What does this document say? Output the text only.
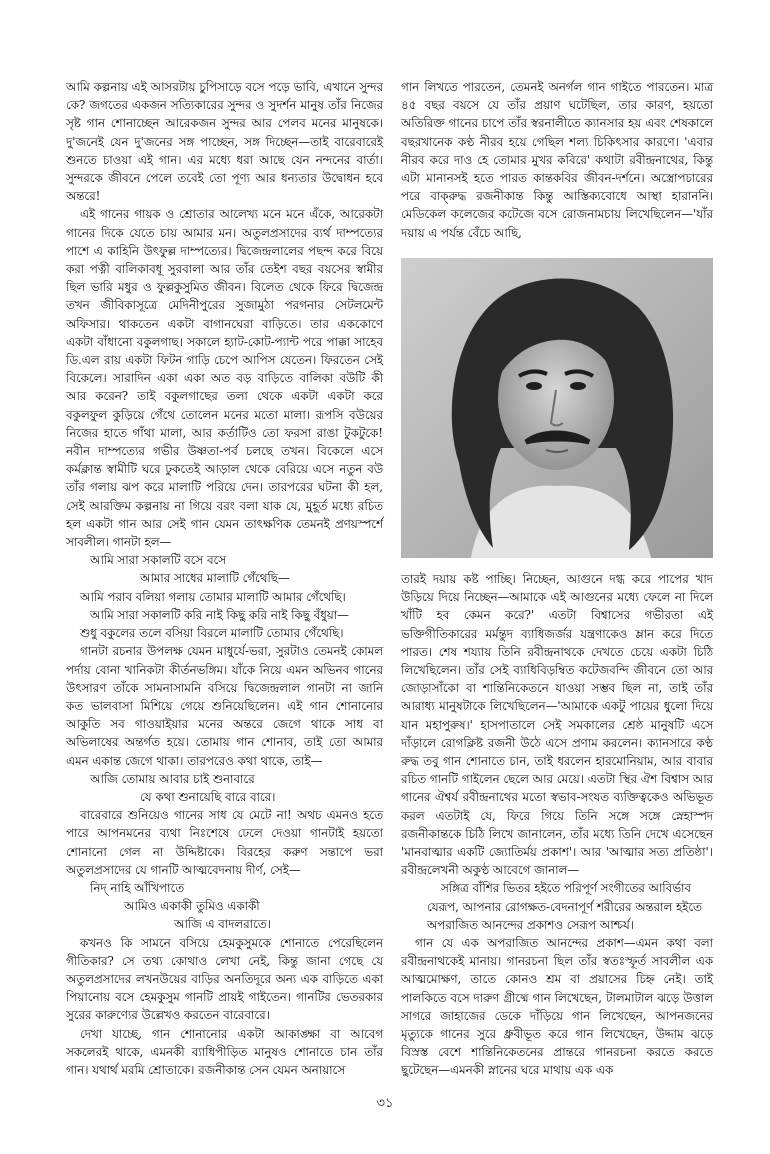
আমি কল্পনায় এই আসরটায় চুপিসাড়ে বসে পড়ে ভাবি, এখানে সুন্দর কে? জগতের একজন সত্যিকারের সুন্দর ও সুদর্শন মানুষ তাঁর নিজের সৃষ্ট গান শোনাচ্ছেন আরেকজন সুন্দর আর পেলব মনের মানুষকে। দু'জনেই যেন দু'জনের সঙ্গ পাচ্ছেন, সঙ্গ দিচ্ছেন—তাই বারেবারেই শুনতে চাওয়া এই গান। এর মধ্যে ধরা আছে যেন নন্দনের বার্তা। সুন্দরকে জীবনে পেলে তবেই তো পূণ্য আর ধন্যতার উদ্বোধন হবে অন্তরে!

এই গানের গায়ক ও শ্রোতার আলেখ্য মনে মনে এঁকে, আরেকটা গানের দিকে যেতে চায় আমার মন। অতুলপ্রসাদের ব্যর্থ দাম্পত্যের পাশে এ কাহিনি উৎফুল্ল দাম্পত্যের। দ্বিজেন্দ্রলালের পছন্দ করে বিয়ে করা পত্নী বালিকাবধূ সুরবালা আর তাঁর তেইশ বছর বয়সের স্বামীর ছিল ভারি মধুর ও ফুল্লকুসুমিত জীবন। বিলেত থেকে ফিরে দ্বিজেন্দ্র তখন জীবিকাসূত্রে মেদিনীপুরের সুজামুঠা পরগনার সেটলমেন্ট অফিসার। থাকতেন একটা বাগানঘেরা বাড়িতে। তার এককোণে একটা বাঁধানো বকুলগাছ। সকালে হ্যাট-কোট-প্যান্ট পরে পাক্কা সাহেব ডি.এল রায় একটা ফিটন গাড়ি চেপে আপিস যেতেন। ফিরতেন সেই বিকেলে। সারাদিন একা একা অত বড় বাড়িতে বালিকা বউটি কী আর করেন? তাই বকুলগাছের তলা থেকে একটা একটা করে বকুলফুল কুড়িয়ে গেঁথে তোলেন মনের মতো মালা। রূপসি বউয়ের নিজের হাতে গাঁথা মালা, আর কর্তাটিও তো ফরসা রাঙা টুকটুকে! নবীন দাম্পত্যের গভীর উষ্ণতা-পর্ব চলছে তখন। বিকেলে এসে কর্মক্লান্ত স্বামীটি ঘরে ঢুকতেই আড়াল থেকে বেরিয়ে এসে নতুন বউ তাঁর গলায় ঝপ করে মালাটি পরিয়ে দেন। তারপরের ঘটনা কী হল, সেই আরক্তিম কল্পনায় না গিয়ে বরং বলা যাক যে, মুহূর্ত মধ্যে রচিত হল একটা গান আর সেই গান যেমন তাৎক্ষণিক তেমনই প্রণয়স্পর্শে সাবলীল। গানটা হল—

আমি সারা সকালটি বসে বসে
আমার সাধের মালাটি গেঁথেছি—
আমি পরাব বলিয়া গলায় তোমার মালাটি আমার গেঁথেছি।
আমি সারা সকালটি করি নাই কিছু করি নাই কিছু বঁধুয়া—
শুধু বকুলের তলে বসিয়া বিরলে মালাটি তোমার গেঁথেছি।

গানটা রচনার উপলক্ষ যেমন মাধুর্যে-ভরা, সুরটাও তেমনই কোমল পর্দায় বোনা খানিকটা কীর্তনভঙ্গিম। যাঁকে নিয়ে এমন অভিনব গানের উৎসারণ তাঁকে সামনাসামনি বসিয়ে দ্বিজেন্দ্রলাল গানটা না জানি কত ভালবাসা মিশিয়ে গেয়ে শুনিয়েছিলেন। এই গান শোনানোর আকুতি সব গাওয়াইয়ার মনের অন্তরে জেগে থাকে সাধ বা অভিলাষের অন্তর্গত হয়ে। তোমায় গান শোনাব, তাই তো আমার এমন একান্ত জেগে থাকা। তারপরেও কথা থাকে, তাই—

আজি তোমায় আবার চাই শুনাবারে
যে কথা শুনায়েছি বারে বারে।

বারেবারে শুনিয়েও গানের সাধ যে মেটে না! অথচ এমনও হতে পারে আপনমনের ব্যথা নিঃশেষে ঢেলে দেওয়া গানটাই হয়তো শোনানো গেল না উদ্দিষ্টাকে। বিরহের করুণ সন্তাপে ভরা অতুলপ্রসাদের যে গানটি আত্মবেদনায় দীর্ণ, সেই—

নিদ্ নাহি আঁখিপাতে
আমিও একাকী তুমিও একাকী
আজি এ বাদলরাতে।

কখনও কি সামনে বসিয়ে হেমকুসুমকে শোনাতে পেরেছিলেন গীতিকার? সে তথ্য কোথাও লেখা নেই, কিন্তু জানা গেছে যে অতুলপ্রসাদের লখনউয়ের বাড়ির অনতিদূরে অন্য এক বাড়িতে একা পিয়ানোয় বসে হেমকুসুম গানটি প্রায়ই গাইতেন। গানটির ভেতরকার সুরের কারুণ্যের উল্লেখও করতেন বারেবারে।

দেখা যাচ্ছে, গান শোনানোর একটা আকাঙ্ক্ষা বা আবেগ সকলেরই থাকে, এমনকী ব্যাধিপীড়িত মানুষও শোনাতে চান তাঁর গান। যথার্থ মরমি শ্রোতাকে। রজনীকান্ত সেন যেমন অনায়াসে

গান লিখতে পারতেন, তেমনই অনর্গল গান গাইতে পারতেন। মাত্র ৪৫ বছর বয়সে যে তাঁর প্রয়াণ ঘটেছিল, তার কারণ, হয়তো অতিরিক্ত গানের চাপে তাঁর স্বরনালীতে ক্যানসার হয় এবং শেষকালে বছরখানেক কণ্ঠ নীরব হয়ে গেছিল শল্য চিকিৎসার কারণে। 'এবার নীরব করে দাও হে তোমার মুখর কবিরে' কথাটা রবীন্দ্রনাথের, কিন্তু এটা মানানসই হতে পারত কান্তকবির জীবন-দর্শনে। অস্ত্রোপচারের পরে বাক্‌রুদ্ধ রজনীকান্ত কিন্তু আস্তিক্যবোধে আস্থা হারাননি। মেডিকেল কলেজের কটেজে বসে রোজনামচায় লিখেছিলেন—'যাঁর দয়ায় এ পর্যন্ত বেঁচে আছি,

তারই দয়ায় কষ্ট পাচ্ছি। নিচ্ছেন, আগুনে দগ্ধ করে পাপের খাদ উড়িয়ে দিয়ে নিচ্ছেন—আমাকে এই আগুনের মধ্যে ফেলে না দিলে খাঁটি হব কেমন করে?' এতটা বিশ্বাসের গভীরতা এই ভক্তিগীতিকারের মর্মন্তুদ ব্যাধিজর্জর যন্ত্রণাকেও ম্লান করে দিতে পারত। শেষ শয্যায় তিনি রবীন্দ্রনাথকে দেখতে চেয়ে একটা চিঠি লিখেছিলেন। তাঁর সেই ব্যাধিবিড়ম্বিত কটেজবন্দি জীবনে তো আর জোড়াসাঁকো বা শান্তিনিকেতনে যাওয়া সম্ভব ছিল না, তাই তাঁর আরাধ্য মানুষটাকে লিখেছিলেন—'আমাকে একটু পায়ের ধুলো দিয়ে যান মহাপুরুষ।' হাসপাতালে সেই সমকালের শ্রেষ্ঠ মানুষটি এসে দাঁড়ালে রোগক্লিষ্ট রজনী উঠে এসে প্রণাম করলেন। ক্যানসারে কণ্ঠ রুদ্ধ তবু গান শোনাতে চান, তাই ধরলেন হারমোনিয়াম, আর বাবার রচিত গানটি গাইলেন ছেলে আর মেয়ে। এতটা স্থির ঐশ বিশ্বাস আর গানের ঐশ্বর্য রবীন্দ্রনাথের মতো স্বভাব-সংযত ব্যক্তিত্বকেও অভিভূত করল এতটাই যে, ফিরে গিয়ে তিনি সঙ্গে সঙ্গে স্নেহাস্পদ রজনীকান্তকে চিঠি লিখে জানালেন, তাঁর মধ্যে তিনি দেখে এসেছেন 'মানবাত্মার একটি জ্যোতির্ময় প্রকাশ'। আর 'আত্মার সত্য প্রতিষ্ঠা'। রবীন্দ্রলেখনী অকুণ্ঠ আবেগে জানাল—

সঙ্গিত্র বাঁশির ভিতর হইতে পরিপূর্ণ সংগীতের আবির্ভাব যেরূপ, আপনার রোগক্ষত-বেদনাপূর্ণ শরীরের অন্তরাল হইতে অপরাজিত আনন্দের প্রকাশও সেরূপ আশ্চর্য।

গান যে এক অপরাজিত আনন্দের প্রকাশ—এমন কথা বলা রবীন্দ্রনাথকেই মানায়। গানরচনা ছিল তাঁর স্বতঃস্ফূর্ত সাবলীল এক আত্মমোক্ষণ, তাতে কোনও শ্রম বা প্রয়াসের চিহ্ন নেই। তাই পালকিতে বসে দারুণ গ্রীষ্মে গান লিখেছেন, টালমাটাল ঝড়ে উত্তাল সাগরে জাহাজের ডেকে দাঁড়িয়ে গান লিখেছেন, আপনজনের মৃত্যুকে গানের সুরে ধ্রুবীভূত করে গান লিখেছেন, উদ্দাম ঝড়ে বিস্রস্ত বেশে শান্তিনিকেতনের প্রান্তরে গানরচনা করতে করতে ছুটেছেন—এমনকী স্নানের ঘরে মাথায় এক এক

৩১
